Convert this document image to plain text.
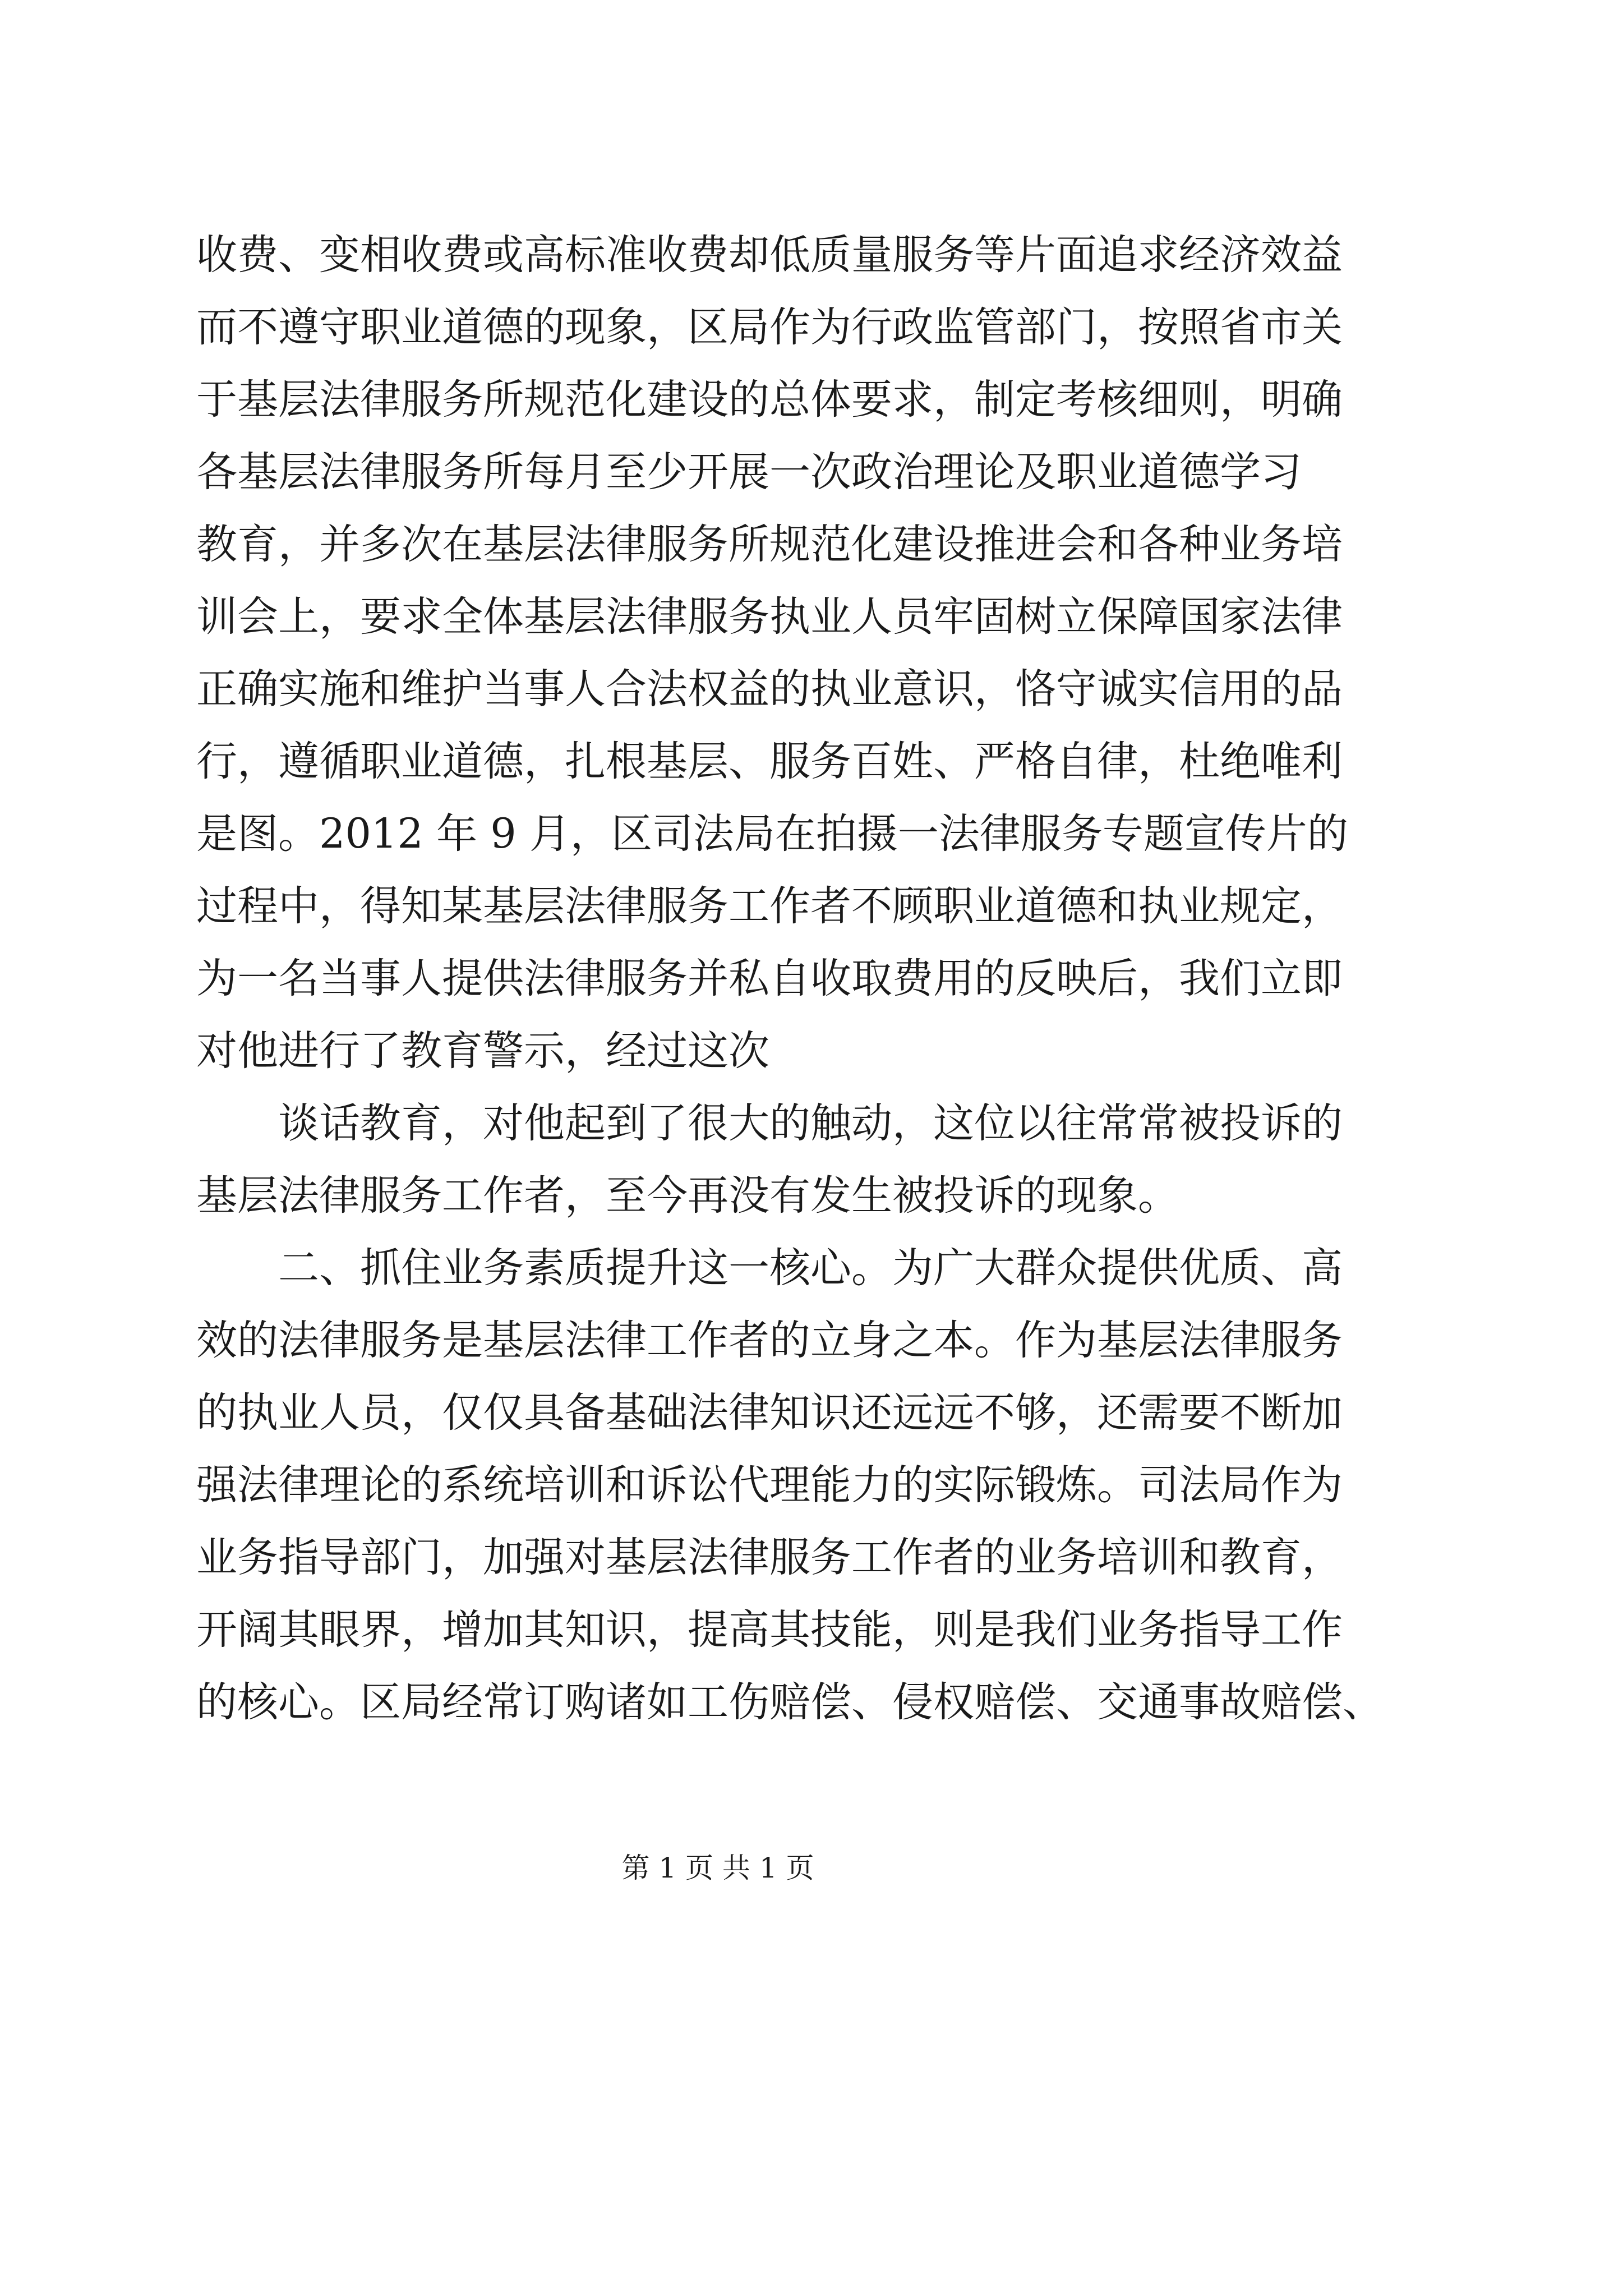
收费、变相收费或高标准收费却低质量服务等片面追求经济效益
而不遵守职业道德的现象，区局作为行政监管部门，按照省市关
于基层法律服务所规范化建设的总体要求，制定考核细则，明确
各基层法律服务所每月至少开展一次政治理论及职业道德学习
教育，并多次在基层法律服务所规范化建设推进会和各种业务培
训会上，要求全体基层法律服务执业人员牢固树立保障国家法律
正确实施和维护当事人合法权益的执业意识，恪守诚实信用的品
行，遵循职业道德，扎根基层、服务百姓、严格自律，杜绝唯利
是图。2012 年 9 月，区司法局在拍摄一法律服务专题宣传片的
过程中，得知某基层法律服务工作者不顾职业道德和执业规定，
为一名当事人提供法律服务并私自收取费用的反映后，我们立即
对他进行了教育警示，经过这次
谈话教育，对他起到了很大的触动，这位以往常常被投诉的
基层法律服务工作者，至今再没有发生被投诉的现象。
二、抓住业务素质提升这一核心。为广大群众提供优质、高
效的法律服务是基层法律工作者的立身之本。作为基层法律服务
的执业人员，仅仅具备基础法律知识还远远不够，还需要不断加
强法律理论的系统培训和诉讼代理能力的实际锻炼。司法局作为
业务指导部门，加强对基层法律服务工作者的业务培训和教育，
开阔其眼界，增加其知识，提高其技能，则是我们业务指导工作
的核心。区局经常订购诸如工伤赔偿、侵权赔偿、交通事故赔偿、
第 1 页 共 1 页
